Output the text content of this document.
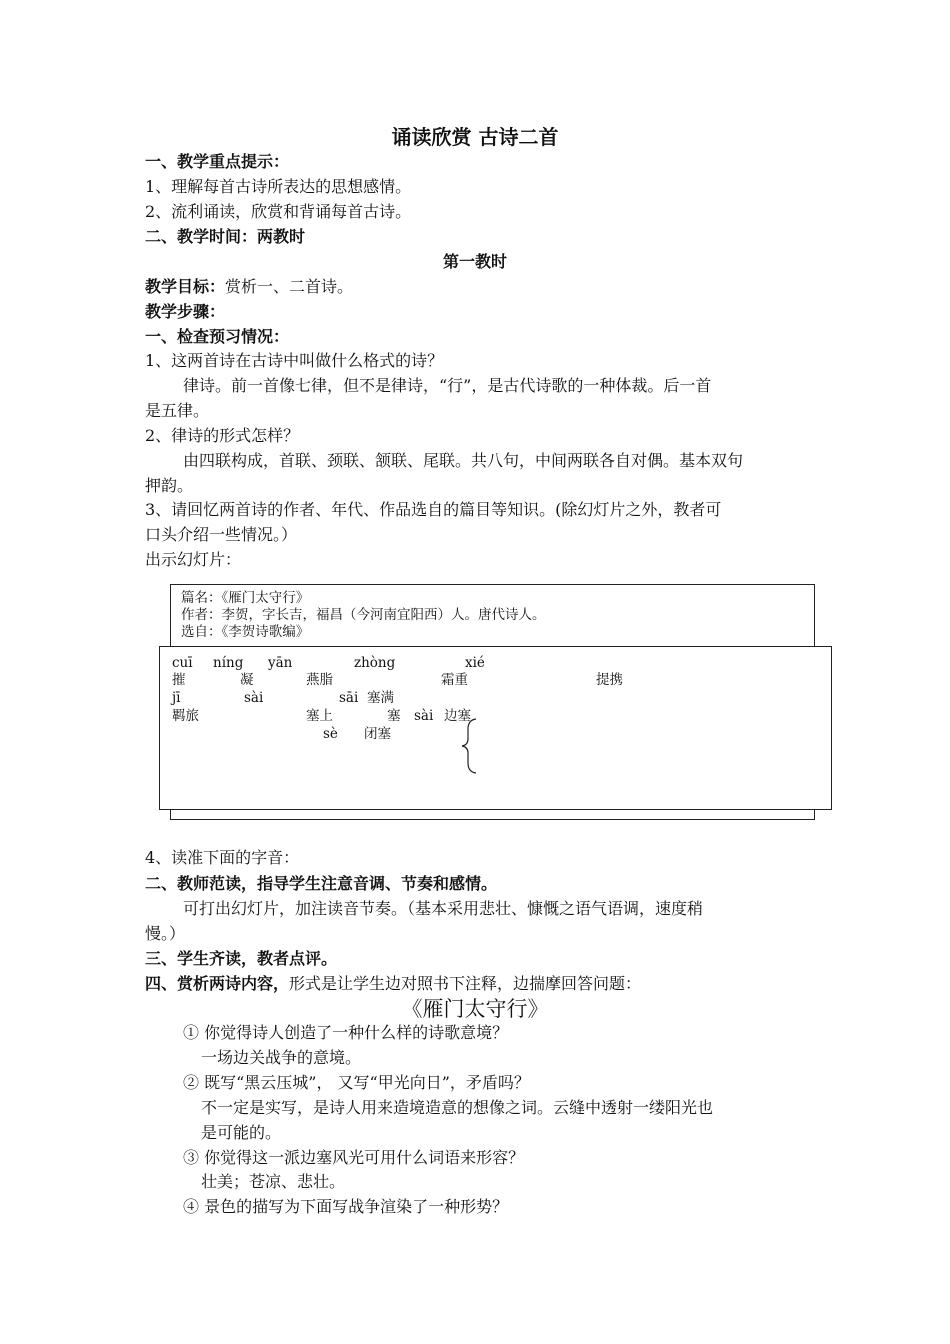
诵读欣赏 古诗二首
一、教学重点提示：
1、理解每首古诗所表达的思想感情。
2、流利诵读，欣赏和背诵每首古诗。
二、教学时间：两教时
第一教时
教学目标：赏析一、二首诗。
教学步骤：
一、检查预习情况：
1、这两首诗在古诗中叫做什么格式的诗？
律诗。前一首像七律，但不是律诗，“行”，是古代诗歌的一种体裁。后一首
是五律。
2、律诗的形式怎样？
由四联构成，首联、颈联、颔联、尾联。共八句，中间两联各自对偶。基本双句
押韵。
3、请回忆两首诗的作者、年代、作品选自的篇目等知识。(除幻灯片之外，教者可
口头介绍一些情况。）
出示幻灯片：
篇名：《雁门太守行》
作者：李贺，字长吉，福昌（今河南宜阳西）人。唐代诗人。
选自：《李贺诗歌编》
cuī níng yān	zhòng	xié
摧	凝	燕脂	霜重	提携
jī	sài	sāi 塞满
羁旅	塞上	塞 sài 边塞
sè 闭塞
4、读准下面的字音：
二、教师范读，指导学生注意音调、节奏和感情。
可打出幻灯片，加注读音节奏。（基本采用悲壮、慷慨之语气语调，速度稍
慢。）
三、学生齐读，教者点评。
四、赏析两诗内容，形式是让学生边对照书下注释，边揣摩回答问题：
《雁门太守行》
① 你觉得诗人创造了一种什么样的诗歌意境？
一场边关战争的意境。
② 既写“黑云压城”， 又写“甲光向日”，矛盾吗？
不一定是实写，是诗人用来造境造意的想像之词。云缝中透射一缕阳光也
是可能的。
③ 你觉得这一派边塞风光可用什么词语来形容？
壮美；苍凉、悲壮。
④ 景色的描写为下面写战争渲染了一种形势？
